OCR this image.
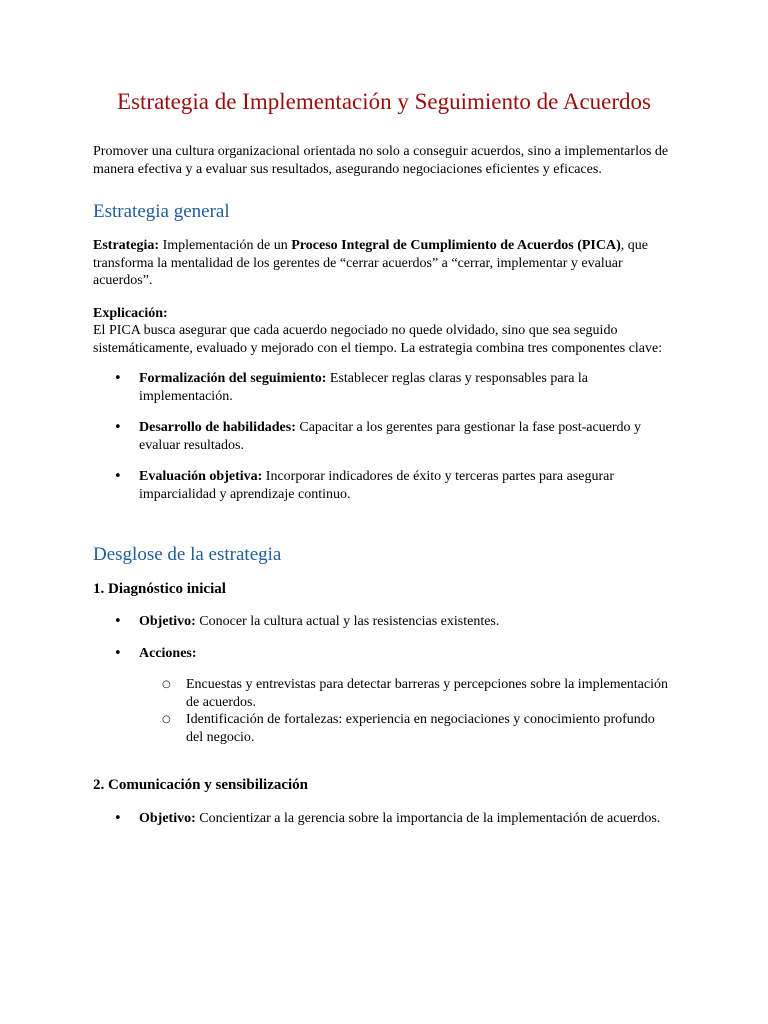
Estrategia de Implementación y Seguimiento de Acuerdos

Promover una cultura organizacional orientada no solo a conseguir acuerdos, sino a implementarlos de manera efectiva y a evaluar sus resultados, asegurando negociaciones eficientes y eficaces.

Estrategia general

Estrategia: Implementación de un Proceso Integral de Cumplimiento de Acuerdos (PICA), que transforma la mentalidad de los gerentes de “cerrar acuerdos” a “cerrar, implementar y evaluar acuerdos”.

Explicación:

El PICA busca asegurar que cada acuerdo negociado no quede olvidado, sino que sea seguido sistemáticamente, evaluado y mejorado con el tiempo. La estrategia combina tres componentes clave:

• Formalización del seguimiento: Establecer reglas claras y responsables para la implementación.
• Desarrollo de habilidades: Capacitar a los gerentes para gestionar la fase post-acuerdo y evaluar resultados.
• Evaluación objetiva: Incorporar indicadores de éxito y terceras partes para asegurar imparcialidad y aprendizaje continuo.
Desglose de la estrategia
1. Diagnóstico inicial
• Objetivo: Conocer la cultura actual y las resistencias existentes.
• Acciones:
○ Encuestas y entrevistas para detectar barreras y percepciones sobre la implementación de acuerdos.
○ Identificación de fortalezas: experiencia en negociaciones y conocimiento profundo del negocio.
2. Comunicación y sensibilización
• Objetivo: Concientizar a la gerencia sobre la importancia de la implementación de acuerdos.
